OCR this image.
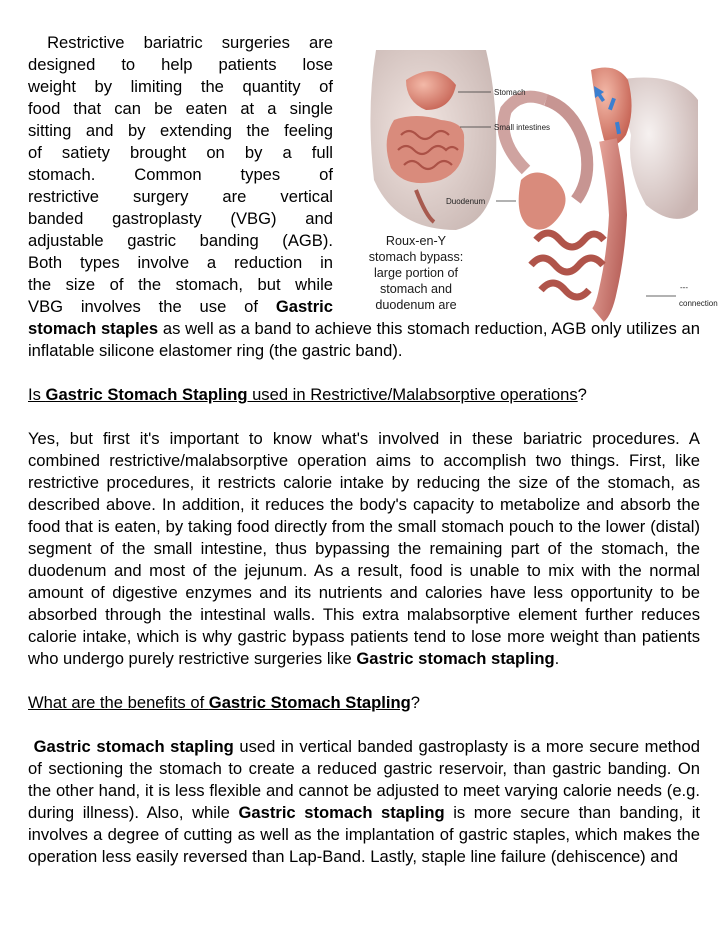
Restrictive bariatric surgeries are
designed to help patients lose
weight by limiting the quantity of
food that can be eaten at a single
sitting and by extending the feeling
of satiety brought on by a full
stomach. Common types of
restrictive surgery are vertical
banded gastroplasty (VBG) and
adjustable gastric banding (AGB).
Both types involve a reduction in
the size of the stomach, but while
VBG involves the use of Gastric
Stomach
Small intestines
Duodenum
---
connection
Roux-en-Y
stomach bypass:
large portion of
stomach and
duodenum are

stomach staples as well as a band to achieve this stomach reduction, AGB only utilizes an inflatable silicone elastomer ring (the gastric band).

Is Gastric Stomach Stapling used in Restrictive/Malabsorptive operations?

Yes, but first it's important to know what's involved in these bariatric procedures. A combined restrictive/malabsorptive operation aims to accomplish two things. First, like restrictive procedures, it restricts calorie intake by reducing the size of the stomach, as described above. In addition, it reduces the body's capacity to metabolize and absorb the food that is eaten, by taking food directly from the small stomach pouch to the lower (distal) segment of the small intestine, thus bypassing the remaining part of the stomach, the duodenum and most of the jejunum. As a result, food is unable to mix with the normal amount of digestive enzymes and its nutrients and calories have less opportunity to be absorbed through the intestinal walls. This extra malabsorptive element further reduces calorie intake, which is why gastric bypass patients tend to lose more weight than patients who undergo purely restrictive surgeries like Gastric stomach stapling.

What are the benefits of Gastric Stomach Stapling?

Gastric stomach stapling used in vertical banded gastroplasty is a more secure method of sectioning the stomach to create a reduced gastric reservoir, than gastric banding. On the other hand, it is less flexible and cannot be adjusted to meet varying calorie needs (e.g. during illness). Also, while Gastric stomach stapling is more secure than banding, it involves a degree of cutting as well as the implantation of gastric staples, which makes the operation less easily reversed than Lap-Band. Lastly, staple line failure (dehiscence) and
